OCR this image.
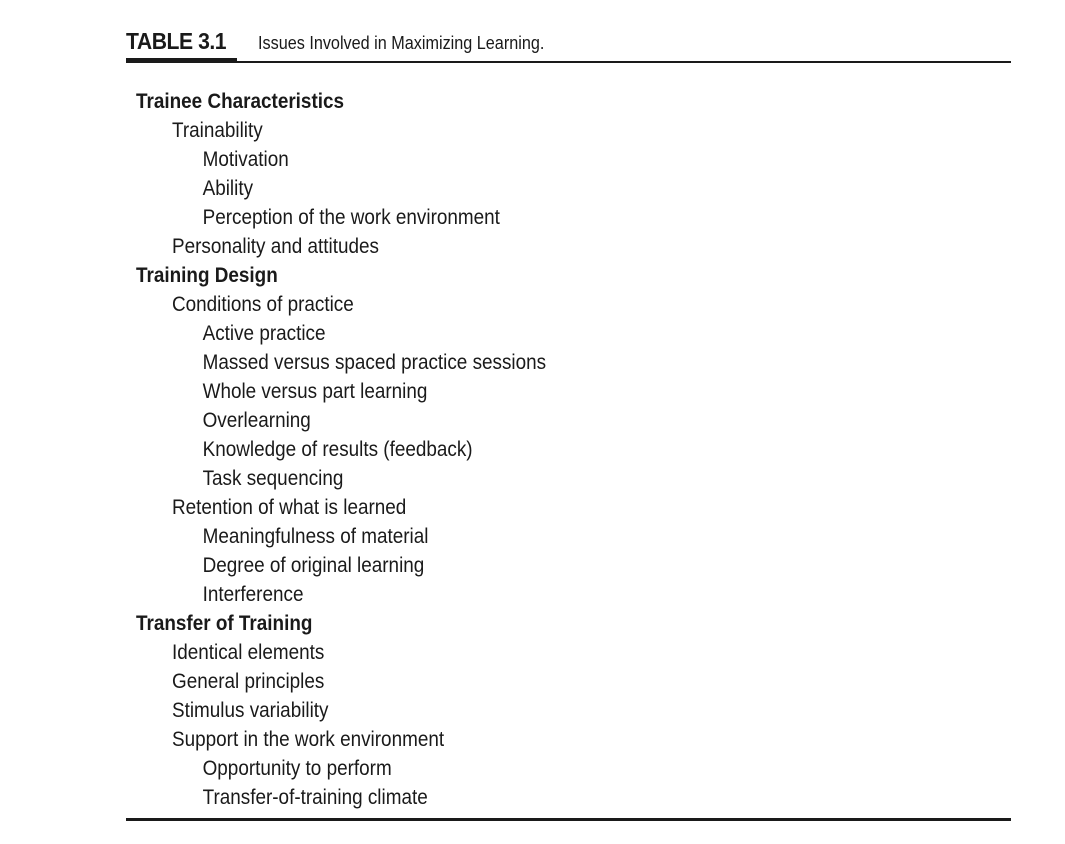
TABLE 3.1 Issues Involved in Maximizing Learning.
Trainee Characteristics
Trainability
Motivation
Ability
Perception of the work environment
Personality and attitudes
Training Design
Conditions of practice
Active practice
Massed versus spaced practice sessions
Whole versus part learning
Overlearning
Knowledge of results (feedback)
Task sequencing
Retention of what is learned
Meaningfulness of material
Degree of original learning
Interference
Transfer of Training
Identical elements
General principles
Stimulus variability
Support in the work environment
Opportunity to perform
Transfer-of-training climate
